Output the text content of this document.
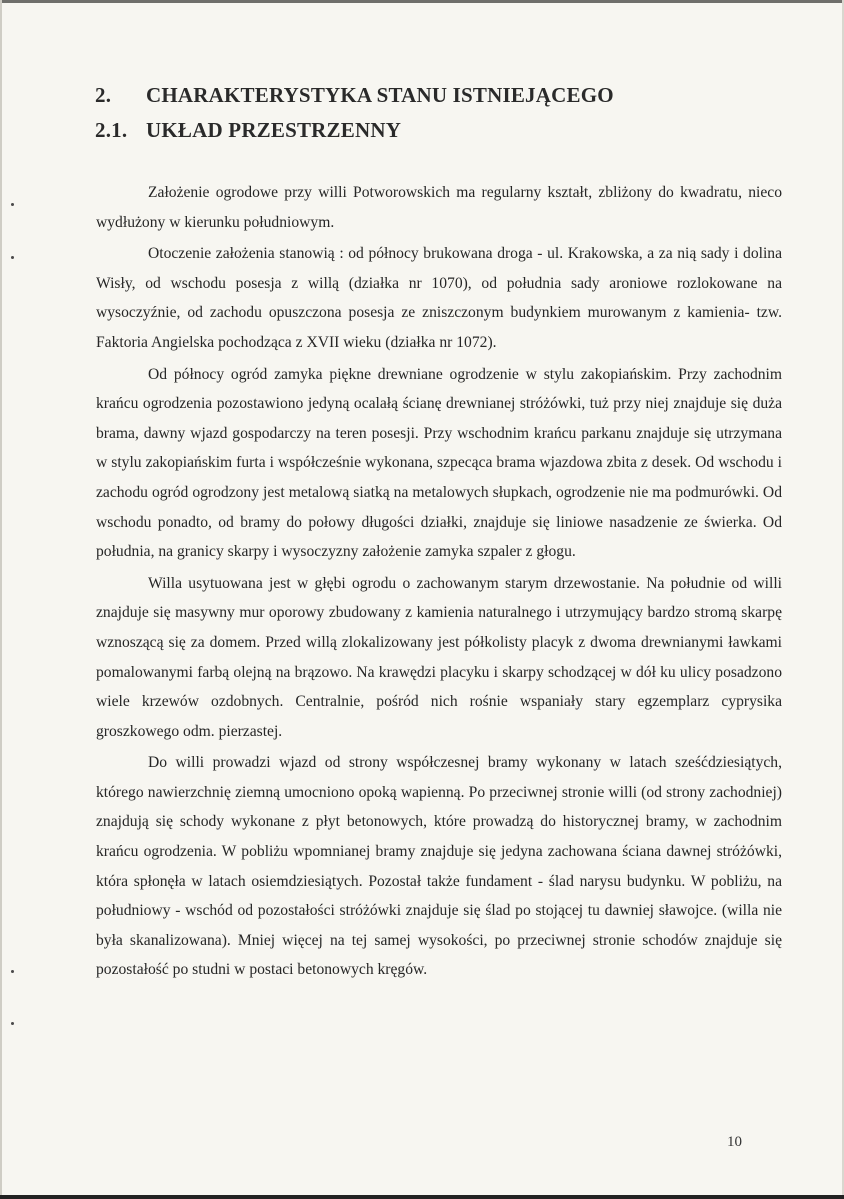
2. CHARAKTERYSTYKA STANU ISTNIEJĄCEGO
2.1. UKŁAD PRZESTRZENNY

Założenie ogrodowe przy willi Potworowskich ma regularny kształt, zbliżony do kwadratu, nieco wydłużony w kierunku południowym.

Otoczenie założenia stanowią : od północy brukowana droga - ul. Krakowska, a za nią sady i dolina Wisły, od wschodu posesja z willą (działka nr 1070), od południa sady aroniowe rozlokowane na wysoczyźnie, od zachodu opuszczona posesja ze zniszczonym budynkiem murowanym z kamienia- tzw. Faktoria Angielska pochodząca z XVII wieku (działka nr 1072).

Od północy ogród zamyka piękne drewniane ogrodzenie w stylu zakopiańskim. Przy zachodnim krańcu ogrodzenia pozostawiono jedyną ocalałą ścianę drewnianej stróżówki, tuż przy niej znajduje się duża brama, dawny wjazd gospodarczy na teren posesji. Przy wschodnim krańcu parkanu znajduje się utrzymana w stylu zakopiańskim furta i współcześnie wykonana, szpecąca brama wjazdowa zbita z desek. Od wschodu i zachodu ogród ogrodzony jest metalową siatką na metalowych słupkach, ogrodzenie nie ma podmurówki. Od wschodu ponadto, od bramy do połowy długości działki, znajduje się liniowe nasadzenie ze świerka. Od południa, na granicy skarpy i wysoczyzny założenie zamyka szpaler z głogu.

Willa usytuowana jest w głębi ogrodu o zachowanym starym drzewostanie. Na południe od willi znajduje się masywny mur oporowy zbudowany z kamienia naturalnego i utrzymujący bardzo stromą skarpę wznoszącą się za domem. Przed willą zlokalizowany jest półkolisty placyk z dwoma drewnianymi ławkami pomalowanymi farbą olejną na brązowo. Na krawędzi placyku i skarpy schodzącej w dół ku ulicy posadzono wiele krzewów ozdobnych. Centralnie, pośród nich rośnie wspaniały stary egzemplarz cyprysika groszkowego odm. pierzastej.

Do willi prowadzi wjazd od strony współczesnej bramy wykonany w latach sześćdziesiątych, którego nawierzchnię ziemną umocniono opoką wapienną. Po przeciwnej stronie willi (od strony zachodniej) znajdują się schody wykonane z płyt betonowych, które prowadzą do historycznej bramy, w zachodnim krańcu ogrodzenia. W pobliżu wpomnianej bramy znajduje się jedyna zachowana ściana dawnej stróżówki, która spłonęła w latach osiemdziesiątych. Pozostał także fundament - ślad narysu budynku. W pobliżu, na południowy - wschód od pozostałości stróżówki znajduje się ślad po stojącej tu dawniej sławojce. (willa nie była skanalizowana). Mniej więcej na tej samej wysokości, po przeciwnej stronie schodów znajduje się pozostałość po studni w postaci betonowych kręgów.

10
